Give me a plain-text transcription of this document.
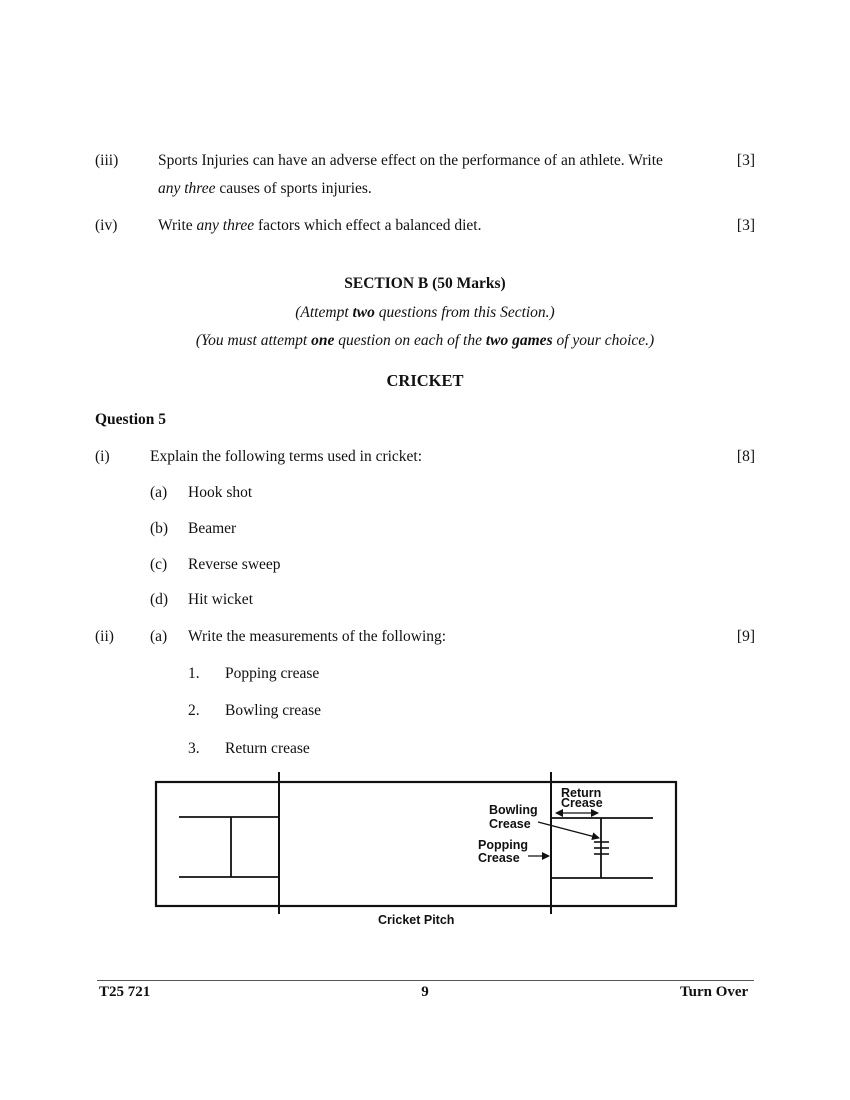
(iii)	Sports Injuries can have an adverse effect on the performance of an athlete. Write
any three causes of sports injuries.
[3]
(iv)	Write any three factors which effect a balanced diet.	[3]
SECTION B (50 Marks)
(Attempt two questions from this Section.)
(You must attempt one question on each of the two games of your choice.)
CRICKET
Question 5
(i)	Explain the following terms used in cricket:	[8]
(a) Hook shot
(b) Beamer
(c) Reverse sweep
(d) Hit wicket
(ii) (a) Write the measurements of the following:	[9]
1. Popping crease
2. Bowling crease
3. Return crease
Return
Crease
Bowling
Crease
Popping
Crease
Cricket Pitch
T25 721	9	Turn Over
